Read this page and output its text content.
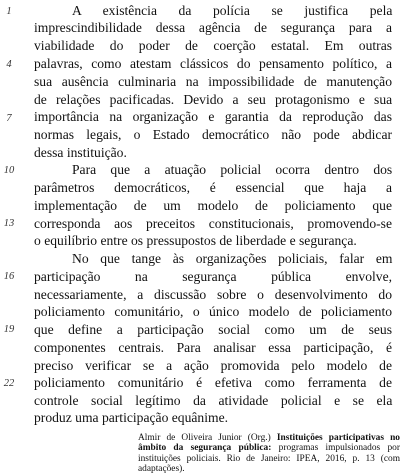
1
4
7
10
13
16
19
22
A existência da polícia se justifica pela
imprescindibilidade dessa agência de segurança para a
viabilidade do poder de coerção estatal. Em outras
palavras, como atestam clássicos do pensamento político, a
sua ausência culminaria na impossibilidade de manutenção
de relações pacificadas. Devido a seu protagonismo e sua
importância na organização e garantia da reprodução das
normas legais, o Estado democrático não pode abdicar
dessa instituição.
Para que a atuação policial ocorra dentro dos
parâmetros democráticos, é essencial que haja a
implementação de um modelo de policiamento que
corresponda aos preceitos constitucionais, promovendo-se
o equilíbrio entre os pressupostos de liberdade e segurança.
No que tange às organizações policiais, falar em
participação na segurança pública envolve,
necessariamente, a discussão sobre o desenvolvimento do
policiamento comunitário, o único modelo de policiamento
que define a participação social como um de seus
componentes centrais. Para analisar essa participação, é
preciso verificar se a ação promovida pelo modelo de
policiamento comunitário é efetiva como ferramenta de
controle social legítimo da atividade policial e se ela
produz uma participação equânime.
Almir de Oliveira Junior (Org.) Instituições participativas no âmbito da segurança pública: programas impulsionados por instituições policiais. Rio de Janeiro: IPEA, 2016, p. 13 (com adaptações).
